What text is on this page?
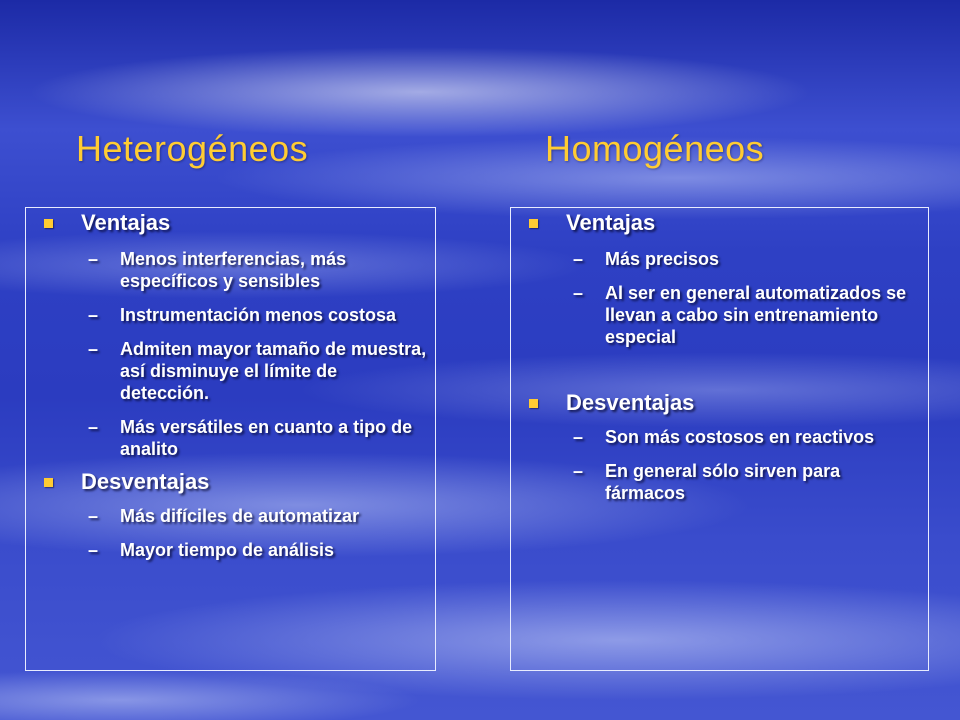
Heterogéneos	Homogéneos
Ventajas
– Menos interferencias, más específicos y sensibles
– Instrumentación menos costosa
– Admiten mayor tamaño de muestra, así disminuye el límite de detección.
– Más versátiles en cuanto a tipo de analito
Desventajas
– Más difíciles de automatizar
– Mayor tiempo de análisis
Ventajas
– Más precisos
– Al ser en general automatizados se llevan a cabo sin entrenamiento especial
Desventajas
– Son más costosos en reactivos
– En general sólo sirven para fármacos
